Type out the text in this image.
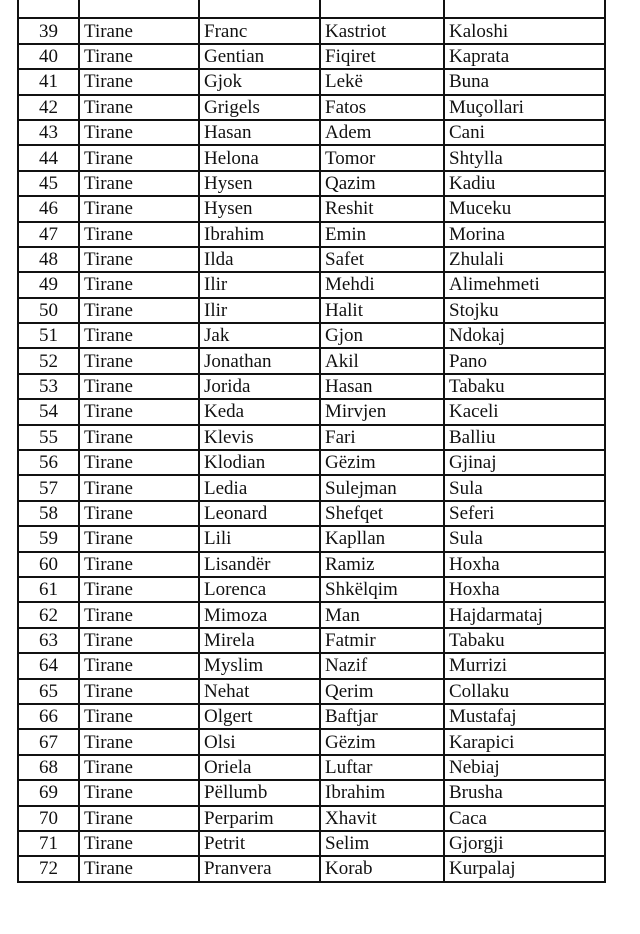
39	Tirane	Franc	Kastriot	Kaloshi
40	Tirane	Gentian	Fiqiret	Kaprata
41	Tirane	Gjok	Lekë	Buna
42	Tirane	Grigels	Fatos	Muçollari
43	Tirane	Hasan	Adem	Cani
44	Tirane	Helona	Tomor	Shtylla
45	Tirane	Hysen	Qazim	Kadiu
46	Tirane	Hysen	Reshit	Muceku
47	Tirane	Ibrahim	Emin	Morina
48	Tirane	Ilda	Safet	Zhulali
49	Tirane	Ilir	Mehdi	Alimehmeti
50	Tirane	Ilir	Halit	Stojku
51	Tirane	Jak	Gjon	Ndokaj
52	Tirane	Jonathan	Akil	Pano
53	Tirane	Jorida	Hasan	Tabaku
54	Tirane	Keda	Mirvjen	Kaceli
55	Tirane	Klevis	Fari	Balliu
56	Tirane	Klodian	Gëzim	Gjinaj
57	Tirane	Ledia	Sulejman	Sula
58	Tirane	Leonard	Shefqet	Seferi
59	Tirane	Lili	Kapllan	Sula
60	Tirane	Lisandër	Ramiz	Hoxha
61	Tirane	Lorenca	Shkëlqim	Hoxha
62	Tirane	Mimoza	Man	Hajdarmataj
63	Tirane	Mirela	Fatmir	Tabaku
64	Tirane	Myslim	Nazif	Murrizi
65	Tirane	Nehat	Qerim	Collaku
66	Tirane	Olgert	Baftjar	Mustafaj
67	Tirane	Olsi	Gëzim	Karapici
68	Tirane	Oriela	Luftar	Nebiaj
69	Tirane	Pëllumb	Ibrahim	Brusha
70	Tirane	Perparim	Xhavit	Caca
71	Tirane	Petrit	Selim	Gjorgji
72	Tirane	Pranvera	Korab	Kurpalaj
